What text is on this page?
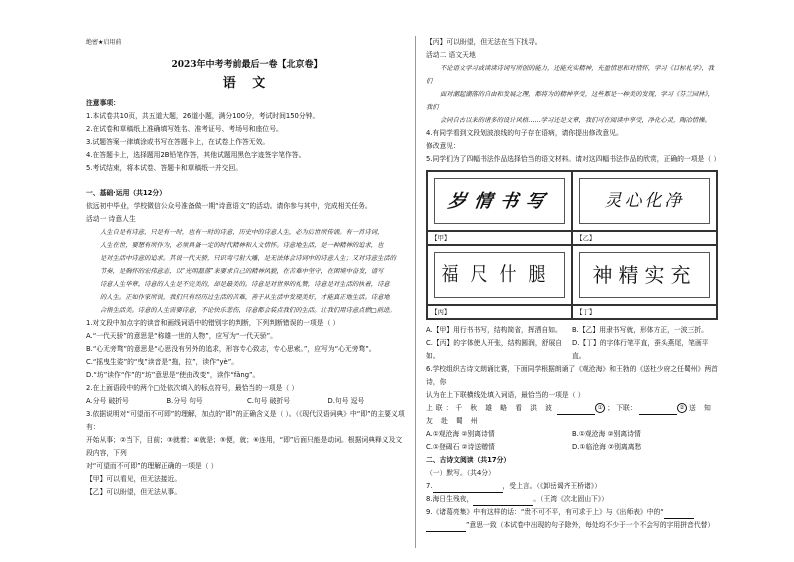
绝密★启用前
2023年中考考前最后一卷【北京卷】
语 文
注意事项：
1.本试卷共10页，共五道大题，26道小题，满分100分，考试时间150分钟。
2.在试卷和草稿纸上准确填写姓名、准考证号、考场号和座位号。
3.试题答案一律填涂或书写在答题卡上，在试卷上作答无效。
4.在答题卡上，选择题用2B铅笔作答，其他试题用黑色字迹签字笔作答。
5.考试结束，将本试卷、答题卡和草稿纸一并交回。
一、基础·运用（共12分）
依远初中毕业，学校微信公众号准备做一期“诗意语文”的活动。请你参与其中，完成相关任务。
活动一 诗意人生
人生自是有诗意，只是有一时，也有一时的诗意，历史中的诗意人生，必为后世所传诵。有一首诗词，
人生在世，要想有所作为，必须具备一定的时代精神和人文情怀。诗意地生活，是一种精神的追求，也
是对生活中诗意的追求。其说一代天骄，只识弯弓射大雕，是无法体会诗词中的诗意人生；又对诗意生活的
节奏，是胸怀的宏伟意志，以“光明磊落”来要求自己的精神风貌，在苦难中坚守，在困境中奋发，谱写
诗意人生华章。诗意的人生是不完美的，却是最美的。诗意是对世界的礼赞，诗意是对生活的执着，诗意
的人生。正如作家所说，我们只有经历过生活的苦难，善于从生活中发现美好，才能真正地生活。诗意地
合指生活美。诗意的人生需要诗意，不论快乐悲伤，诗意都会装点我们的生活。让我们用诗意点燃□前进。
1.对文段中加点字的读音和画线词语中的错别字的判断，下列判断错误的一项是（ ）
A.“一代天骄”的意思是“称雄一世的人物”，应写为“一代天骄”。
B.“心无旁骛”的意思是“心思没有另外的追求，形容专心致志，专心思索。”，应写为“心无旁骛”。
C.“摇曳生姿”的“曳”读音是“拖，拉”，读作“yè”。
D.“坊”读作“作”的“坊”意思是“使由改变”，读作“fǎng”。
2.在上面语段中的两个□处依次填入的标点符号，最恰当的一项是（ ）
A.分号 破折号	B.分号 句号	C.句号 破折号	D.句号 逗号
3.依据说明对“可望而不可即”的理解，加点的“即”的正确含义是（ ）。（《现代汉语词典》中“即”的主要义项有：
开始从事；②当下，目前；③就着；④就是；⑤便，就；⑥连用，“即”后面只能是动词。根据词典释义及文段内容，下列
对“可望而不可即”的理解正确的一项是（ ）
【甲】可以看见，但无法接近。
【乙】可以盼望，但无法从事。
【丙】可以盼望，但无法在当下找寻。
活动二 语文天地
不论语文学习或读读诗词写所创的能力，还能充实精神，充盈情思和对情怀，学习《目标礼学》，我们
面对潮起潮落的自由和发展之理，都将为的精神享受，这些都是一种美的发现，学习《芬兰园林》，我们
会同自古以来的诸多的设计风格……学习还是文章，我们可在阅读中享受，净化心灵，陶冶情操。
4.有同学看到文段划波浪线的句子存在语病，请你提出修改意见。
修改意见：
5.同学们为了四幅书法作品选择恰当的语文材料。请对这四幅书法作品的欣赏，正确的一项是（ ）
岁情书写	灵心化净
【甲】	【乙】
福尺什腿 神精实充
【丙】	【丁】
A.【甲】用行书书写，结构简省，挥洒自如。	B.【乙】用隶书写就，形体方正，一波三折。
C.【丙】的字体使人开张，结构圆润，舒展自如。
D.【丁】的字体行笔平直，蚕头燕尾，笔画平直。
6.学校组织古诗文朗诵比赛，下面同学根据朗诵了《观沧海》和王勃的《送杜少府之任蜀州》两首诗，你
认为在上下联横线处填入词语，最恰当的一项是（ ）
上联：千 秋 雄 略 看 洪 波	① ； 下联：	② 送 知 友 赴 蜀 州
A.①观沧海 ②别离诗情	B.①观沧海 ②别离诗情
C.①登碣石 ②诗送赠情	D.①临沧海 ②别离离愁
二、古诗文阅读（共17分）
（一）默写。（共4分）
7.	，受上言。（《卸岳谒齐王桥诸》）
8.海日生残夜，	。（王湾《次北固山下》）
9.《诸葛亮集》中有这样的话：“贵不可不平，有可求于上》与《出师表》中的“
”意思一致（本试卷中出现的句子除外，每处均不少于一个不会写的字用拼音代替）
